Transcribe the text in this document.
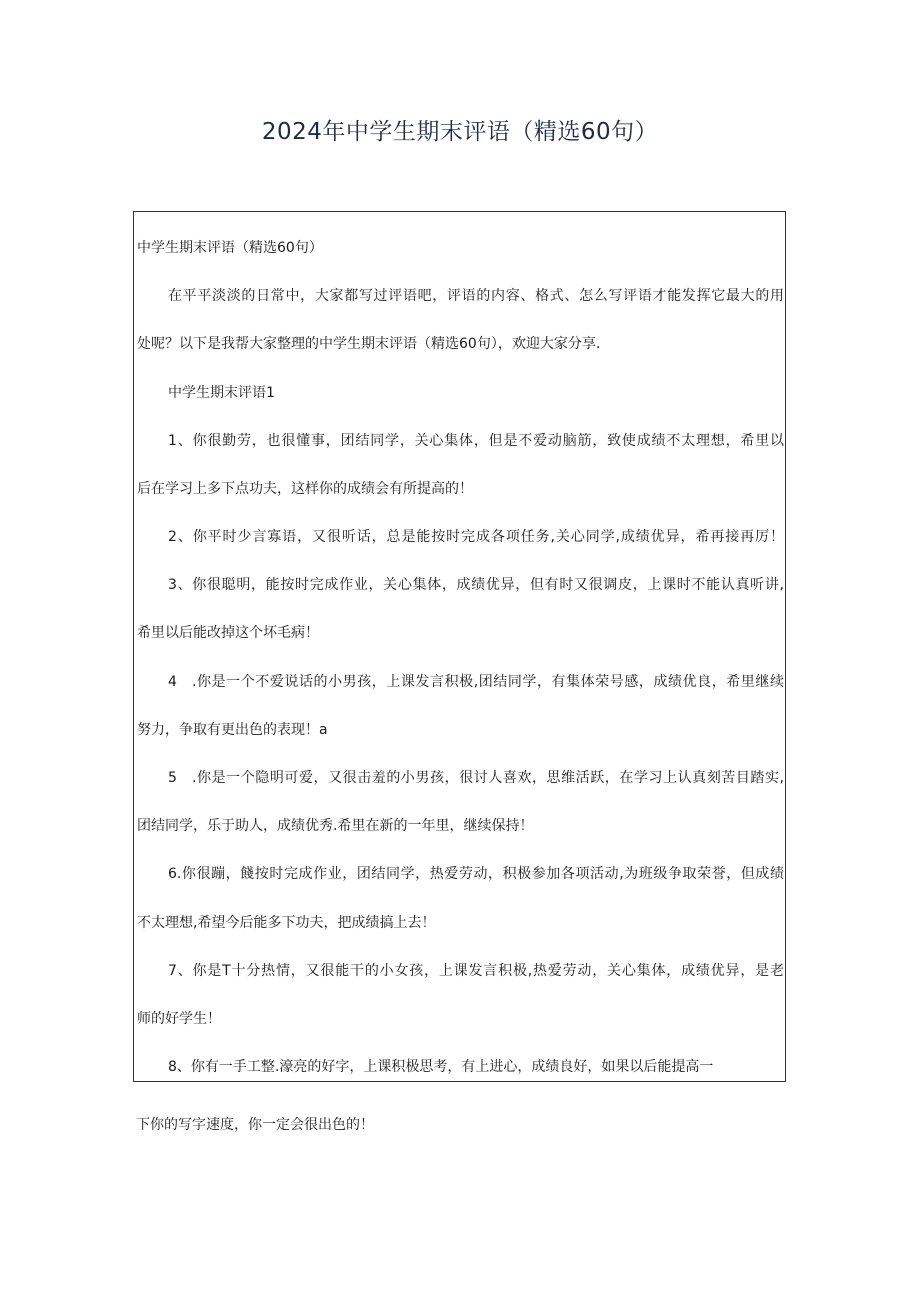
2024年中学生期末评语（精选60句）
中学生期末评语（精选60句）
在平平淡淡的日常中，大家都写过评语吧，评语的内容、格式、怎么写评语才能发挥它最大的用
处呢？以下是我帮大家整理的中学生期末评语（精选60句），欢迎大家分享.
中学生期末评语1
1、你很勤劳，也很懂事，团结同学，关心集体，但是不爱动脑筋，致使成绩不太理想，希里以
后在学习上多下点功夫，这样你的成绩会有所提高的！
2、你平时少言寡语，又很听话，总是能按时完成各项任务,关心同学,成绩优异，希再接再厉！
3、你很聪明，能按时完成作业，关心集体，成绩优异，但有时又很调皮，上课时不能认真听讲,
希里以后能改掉这个坏毛病！
4　.你是一个不爱说话的小男孩，上课发言积极,团结同学，有集体荣号感，成绩优良，希里继续
努力，争取有更出色的表现！a
5　.你是一个隐明可爱，又很击羞的小男孩，很讨人喜欢，思维活跃，在学习上认真刻苦目踏实,
团结同学，乐于助人，成绩优秀.希里在新的一年里，继续保持！
6.你很蹦，餞按时完成作业，团结同学，热爱劳动，积极参加各项活动,为班级争取荣誉，但成绩
不太理想,希望今后能多下功夫，把成绩搞上去！
7、你是T十分热情，又很能干的小女孩，上课发言积极,热爱劳动，关心集体，成绩优异，是老
师的好学生！
8、你有一手工整.濠亮的好字，上课积极思考，有上进心，成绩良好，如果以后能提高一
下你的写字速度，你一定会很出色的！
